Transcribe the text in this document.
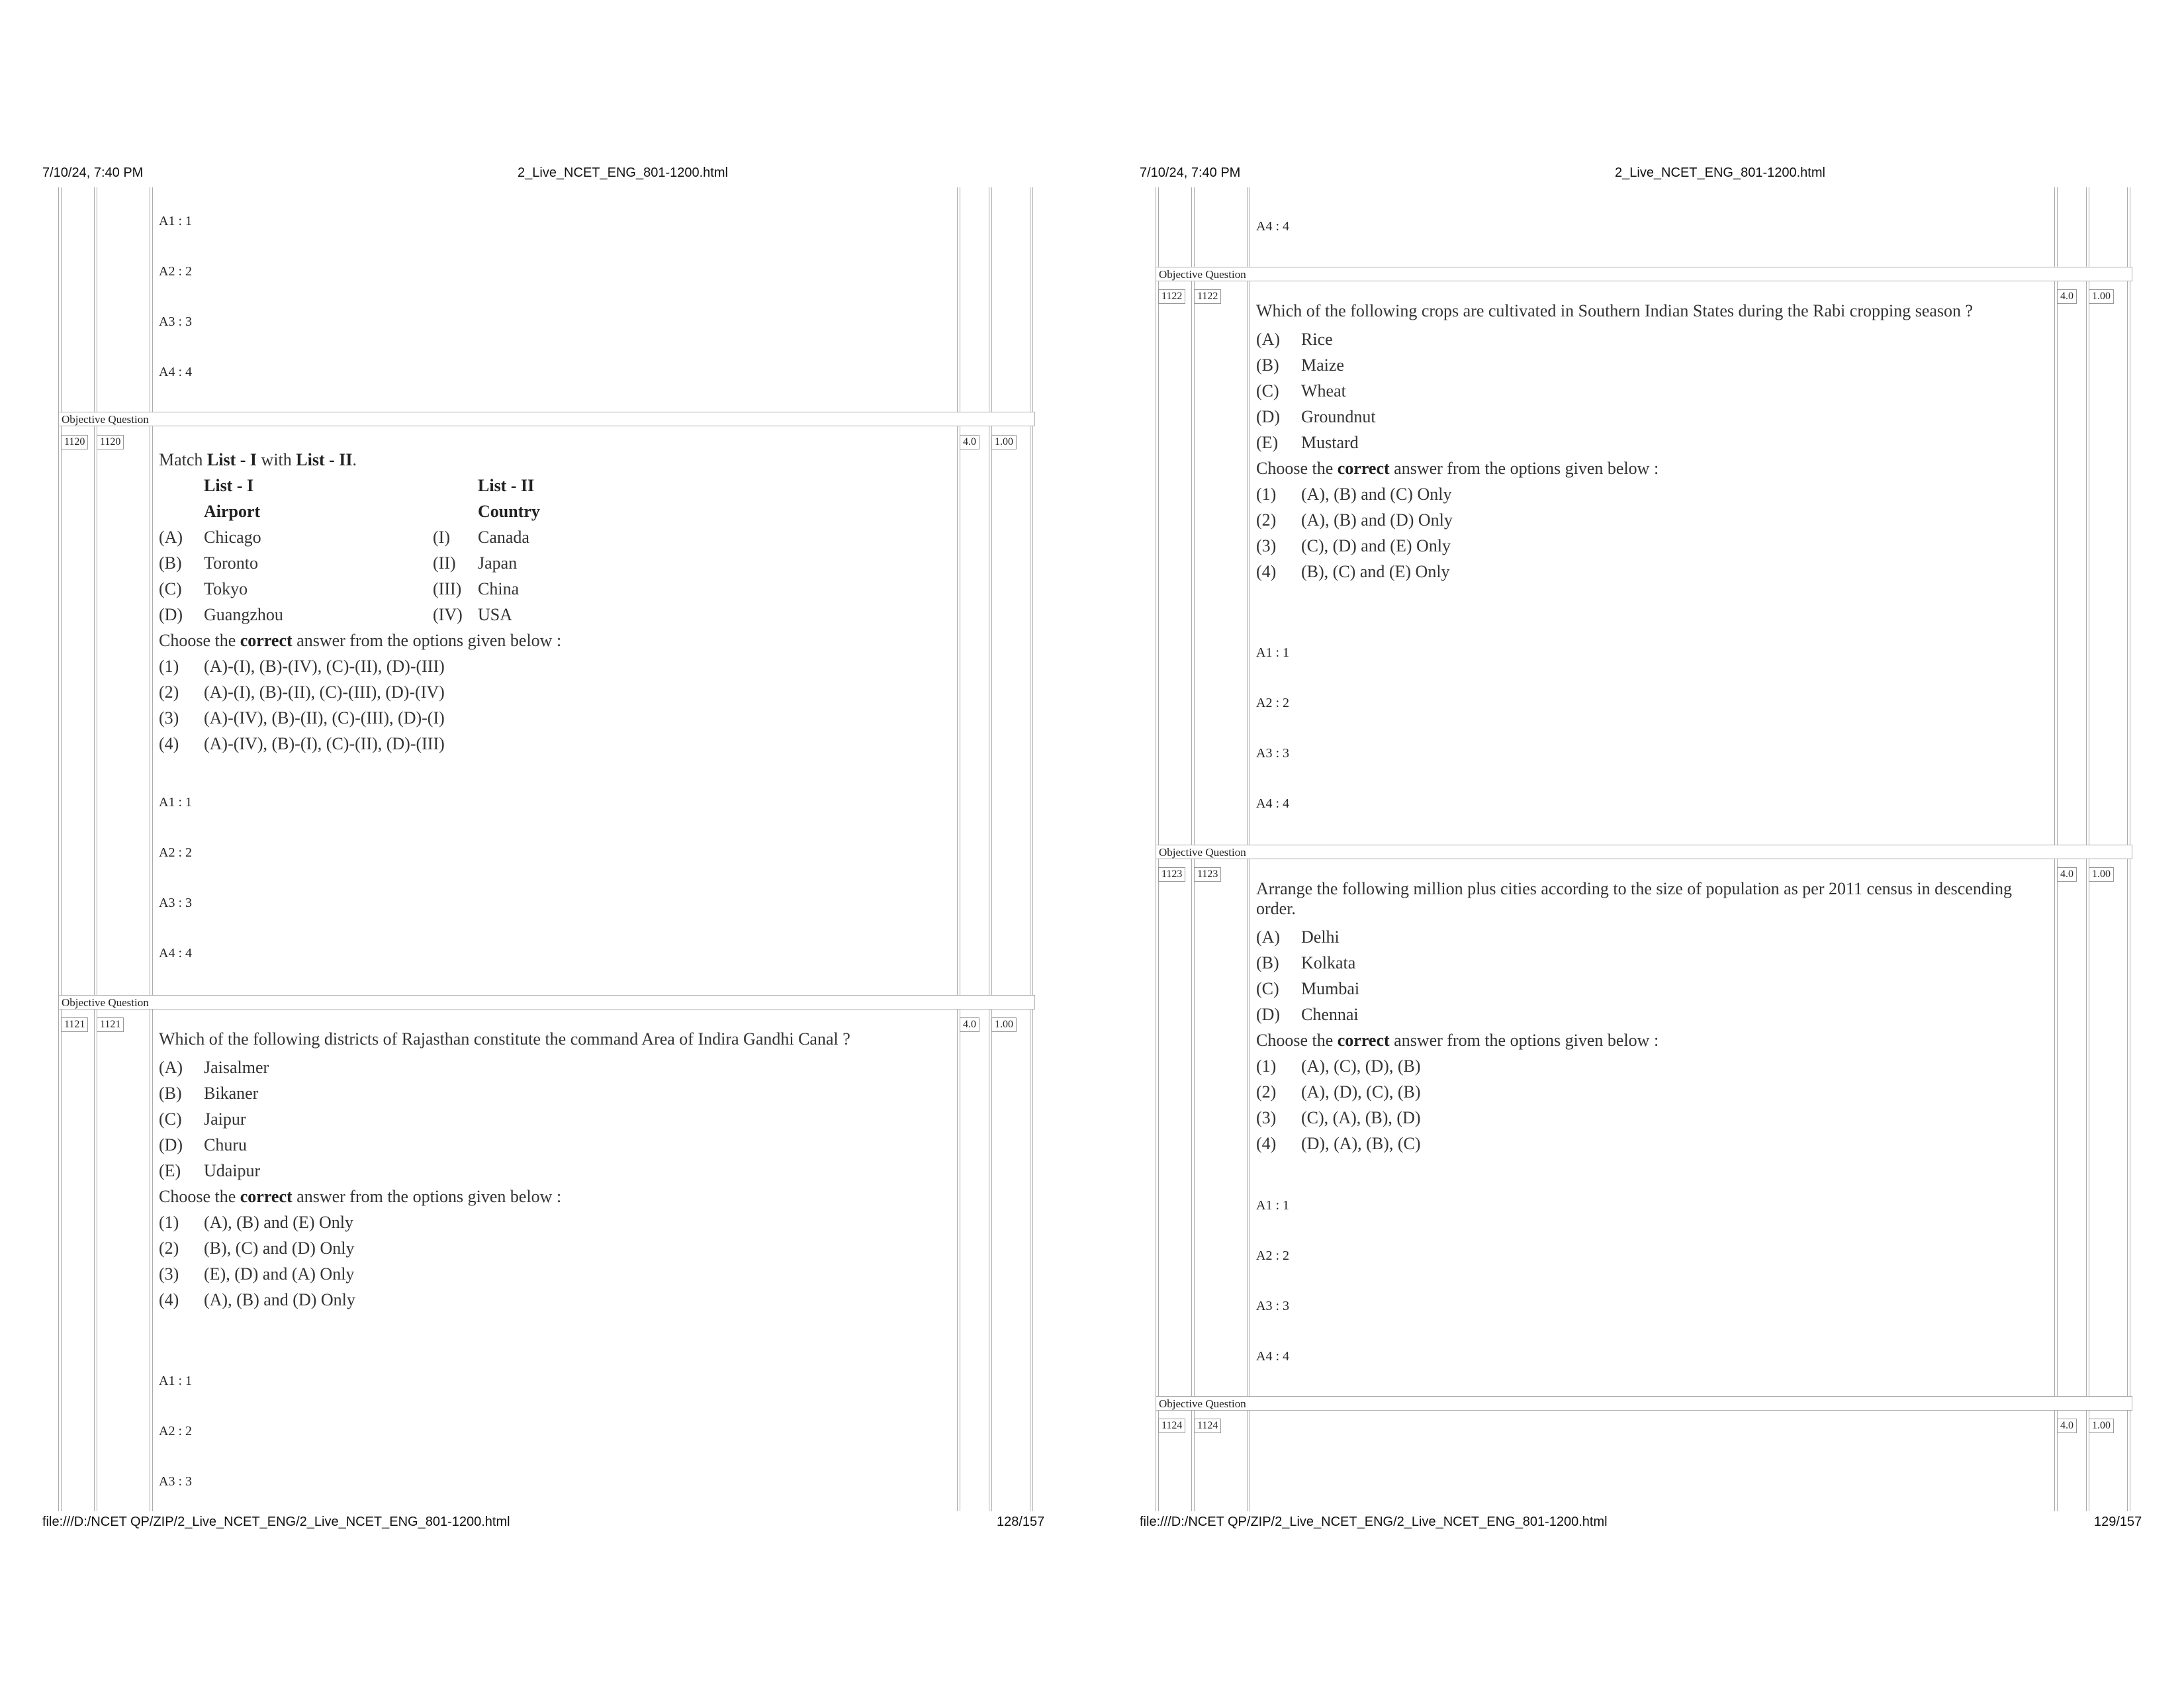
7/10/24, 7:40 PM	2_Live_NCET_ENG_801-1200.html
A1 : 1
A2 : 2
A3 : 3
A4 : 4
Objective Question
1120	1120	4.0	1.00
Match List - I with List - II.
List - I	List - II
Airport	Country
(A) Chicago	(I) Canada
(B) Toronto	(II) Japan
(C) Tokyo	(III) China
(D) Guangzhou	(IV) USA
Choose the correct answer from the options given below :
(1) (A)-(I), (B)-(IV), (C)-(II), (D)-(III)
(2) (A)-(I), (B)-(II), (C)-(III), (D)-(IV)
(3) (A)-(IV), (B)-(II), (C)-(III), (D)-(I)
(4) (A)-(IV), (B)-(I), (C)-(II), (D)-(III)
A1 : 1
A2 : 2
A3 : 3
A4 : 4
Objective Question
1121	1121	4.0	1.00
Which of the following districts of Rajasthan constitute the command Area of Indira Gandhi Canal ?
(A) Jaisalmer
(B) Bikaner
(C) Jaipur
(D) Churu
(E) Udaipur
Choose the correct answer from the options given below :
(1) (A), (B) and (E) Only
(2) (B), (C) and (D) Only
(3) (E), (D) and (A) Only
(4) (A), (B) and (D) Only
A1 : 1
A2 : 2
A3 : 3
file:///D:/NCET QP/ZIP/2_Live_NCET_ENG/2_Live_NCET_ENG_801-1200.html	128/157
7/10/24, 7:40 PM	2_Live_NCET_ENG_801-1200.html
A4 : 4
Objective Question
1122	1122	4.0	1.00
Which of the following crops are cultivated in Southern Indian States during the Rabi cropping season ?
(A) Rice
(B) Maize
(C) Wheat
(D) Groundnut
(E) Mustard
Choose the correct answer from the options given below :
(1) (A), (B) and (C) Only
(2) (A), (B) and (D) Only
(3) (C), (D) and (E) Only
(4) (B), (C) and (E) Only
A1 : 1
A2 : 2
A3 : 3
A4 : 4
Objective Question
1123	1123	4.0	1.00
Arrange the following million plus cities according to the size of population as per 2011 census in descending order.
(A) Delhi
(B) Kolkata
(C) Mumbai
(D) Chennai
Choose the correct answer from the options given below :
(1) (A), (C), (D), (B)
(2) (A), (D), (C), (B)
(3) (C), (A), (B), (D)
(4) (D), (A), (B), (C)
A1 : 1
A2 : 2
A3 : 3
A4 : 4
Objective Question
1124	1124	4.0	1.00
file:///D:/NCET QP/ZIP/2_Live_NCET_ENG/2_Live_NCET_ENG_801-1200.html	129/157
